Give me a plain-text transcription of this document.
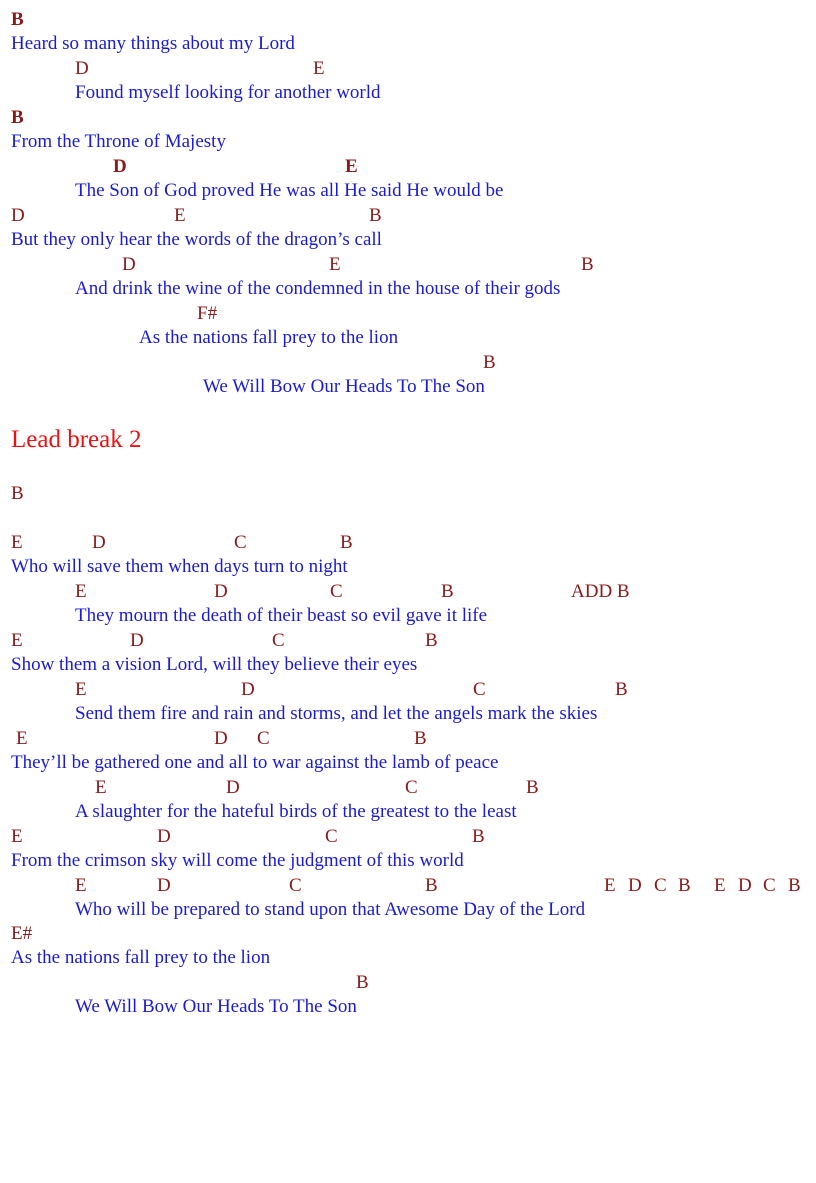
B

Heard so many things about my Lord

D

	E

Found myself looking for another world

B

From the Throne of Majesty

D

	E

The Son of God proved He was all He said He would be

D

	E

	B

But they only hear the words of the dragon’s call

D

	E

	B

And drink the wine of the condemned in the house of their gods

F#

As the nations fall prey to the lion

B

We Will Bow Our Heads To The Son

Lead break 2

B

E

	D

	C

	B

Who will save them when days turn to night

E

	D

	C

	B

	ADD B

They mourn the death of their beast so evil gave it life

E

	D

	C

	B

Show them a vision Lord, will they believe their eyes

E

	D

	C

	B

Send them fire and rain and storms, and let the angels mark the skies

E

	D

C

	B

They’ll be gathered one and all to war against the lamb of peace

E

	D

	C

	B

A slaughter for the hateful birds of the greatest to the least

E

	D

	C

	B

From the crimson sky will come the judgment of this world

E

	D

	C

	B

	E

D

C

B

E

D

C

B

Who will be prepared to stand upon that Awesome Day of the Lord

E#

As the nations fall prey to the lion

B

We Will Bow Our Heads To The Son
